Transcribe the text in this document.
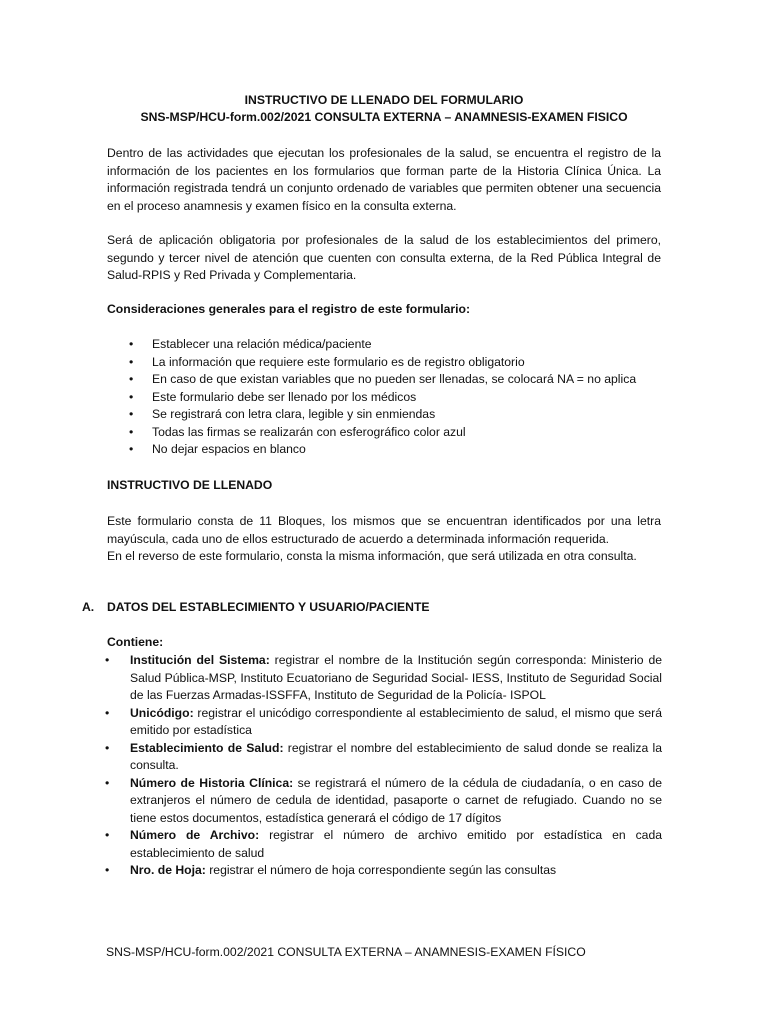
INSTRUCTIVO DE LLENADO DEL FORMULARIO
SNS-MSP/HCU-form.002/2021 CONSULTA EXTERNA – ANAMNESIS-EXAMEN FISICO
Dentro de las actividades que ejecutan los profesionales de la salud, se encuentra el registro de la información de los pacientes en los formularios que forman parte de la Historia Clínica Única. La información registrada tendrá un conjunto ordenado de variables que permiten obtener una secuencia en el proceso anamnesis y examen físico en la consulta externa.
Será de aplicación obligatoria por profesionales de la salud de los establecimientos del primero, segundo y tercer nivel de atención que cuenten con consulta externa, de la Red Pública Integral de Salud-RPIS y Red Privada y Complementaria.
Consideraciones generales para el registro de este formulario:
• Establecer una relación médica/paciente
• La información que requiere este formulario es de registro obligatorio
• En caso de que existan variables que no pueden ser llenadas, se colocará NA = no aplica
• Este formulario debe ser llenado por los médicos
• Se registrará con letra clara, legible y sin enmiendas
• Todas las firmas se realizarán con esferográfico color azul
• No dejar espacios en blanco
INSTRUCTIVO DE LLENADO
Este formulario consta de 11 Bloques, los mismos que se encuentran identificados por una letra mayúscula, cada uno de ellos estructurado de acuerdo a determinada información requerida.
En el reverso de este formulario, consta la misma información, que será utilizada en otra consulta.
A. DATOS DEL ESTABLECIMIENTO Y USUARIO/PACIENTE
Contiene:
• Institución del Sistema: registrar el nombre de la Institución según corresponda: Ministerio de Salud Pública-MSP, Instituto Ecuatoriano de Seguridad Social- IESS, Instituto de Seguridad Social de las Fuerzas Armadas-ISSFFA, Instituto de Seguridad de la Policía- ISPOL
• Unicódigo: registrar el unicódigo correspondiente al establecimiento de salud, el mismo que será emitido por estadística
• Establecimiento de Salud: registrar el nombre del establecimiento de salud donde se realiza la consulta.
• Número de Historia Clínica: se registrará el número de la cédula de ciudadanía, o en caso de extranjeros el número de cedula de identidad, pasaporte o carnet de refugiado. Cuando no se tiene estos documentos, estadística generará el código de 17 dígitos
• Número de Archivo: registrar el número de archivo emitido por estadística en cada establecimiento de salud
• Nro. de Hoja: registrar el número de hoja correspondiente según las consultas
SNS-MSP/HCU-form.002/2021 CONSULTA EXTERNA – ANAMNESIS-EXAMEN FÍSICO
